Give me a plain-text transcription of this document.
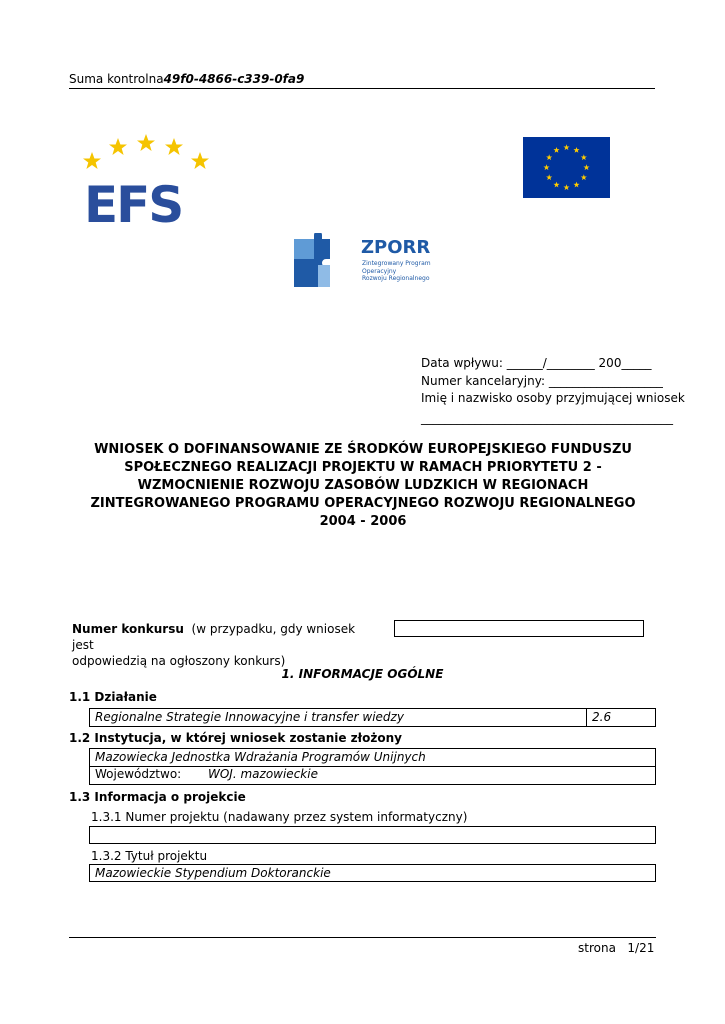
Suma kontrolna49f0-4866-c339-0fa9
EFS
ZPORR
Zintegrowany Program
Operacyjny
Rozwoju Regionalnego
Data wpływu: ______/________ 200_____
Numer kancelaryjny: ___________________
Imię i nazwisko osoby przyjmującej wniosek
__________________________________________
WNIOSEK O DOFINANSOWANIE ZE ŚRODKÓW EUROPEJSKIEGO FUNDUSZU
SPOŁECZNEGO REALIZACJI PROJEKTU W RAMACH PRIORYTETU 2 -
WZMOCNIENIE ROZWOJU ZASOBÓW LUDZKICH W REGIONACH
ZINTEGROWANEGO PROGRAMU OPERACYJNEGO ROZWOJU REGIONALNEGO
2004 - 2006
Numer konkursu (w przypadku, gdy wniosek jest
odpowiedzią na ogłoszony konkurs)
1. INFORMACJE OGÓLNE
1.1 Działanie
Regionalne Strategie Innowacyjne i transfer wiedzy	2.6
1.2 Instytucja, w której wniosek zostanie złożony
Mazowiecka Jednostka Wdrażania Programów Unijnych
Województwo: WOJ. mazowieckie
1.3 Informacja o projekcie
1.3.1 Numer projektu (nadawany przez system informatyczny)
1.3.2 Tytuł projektu
Mazowieckie Stypendium Doktoranckie
strona 1/21
